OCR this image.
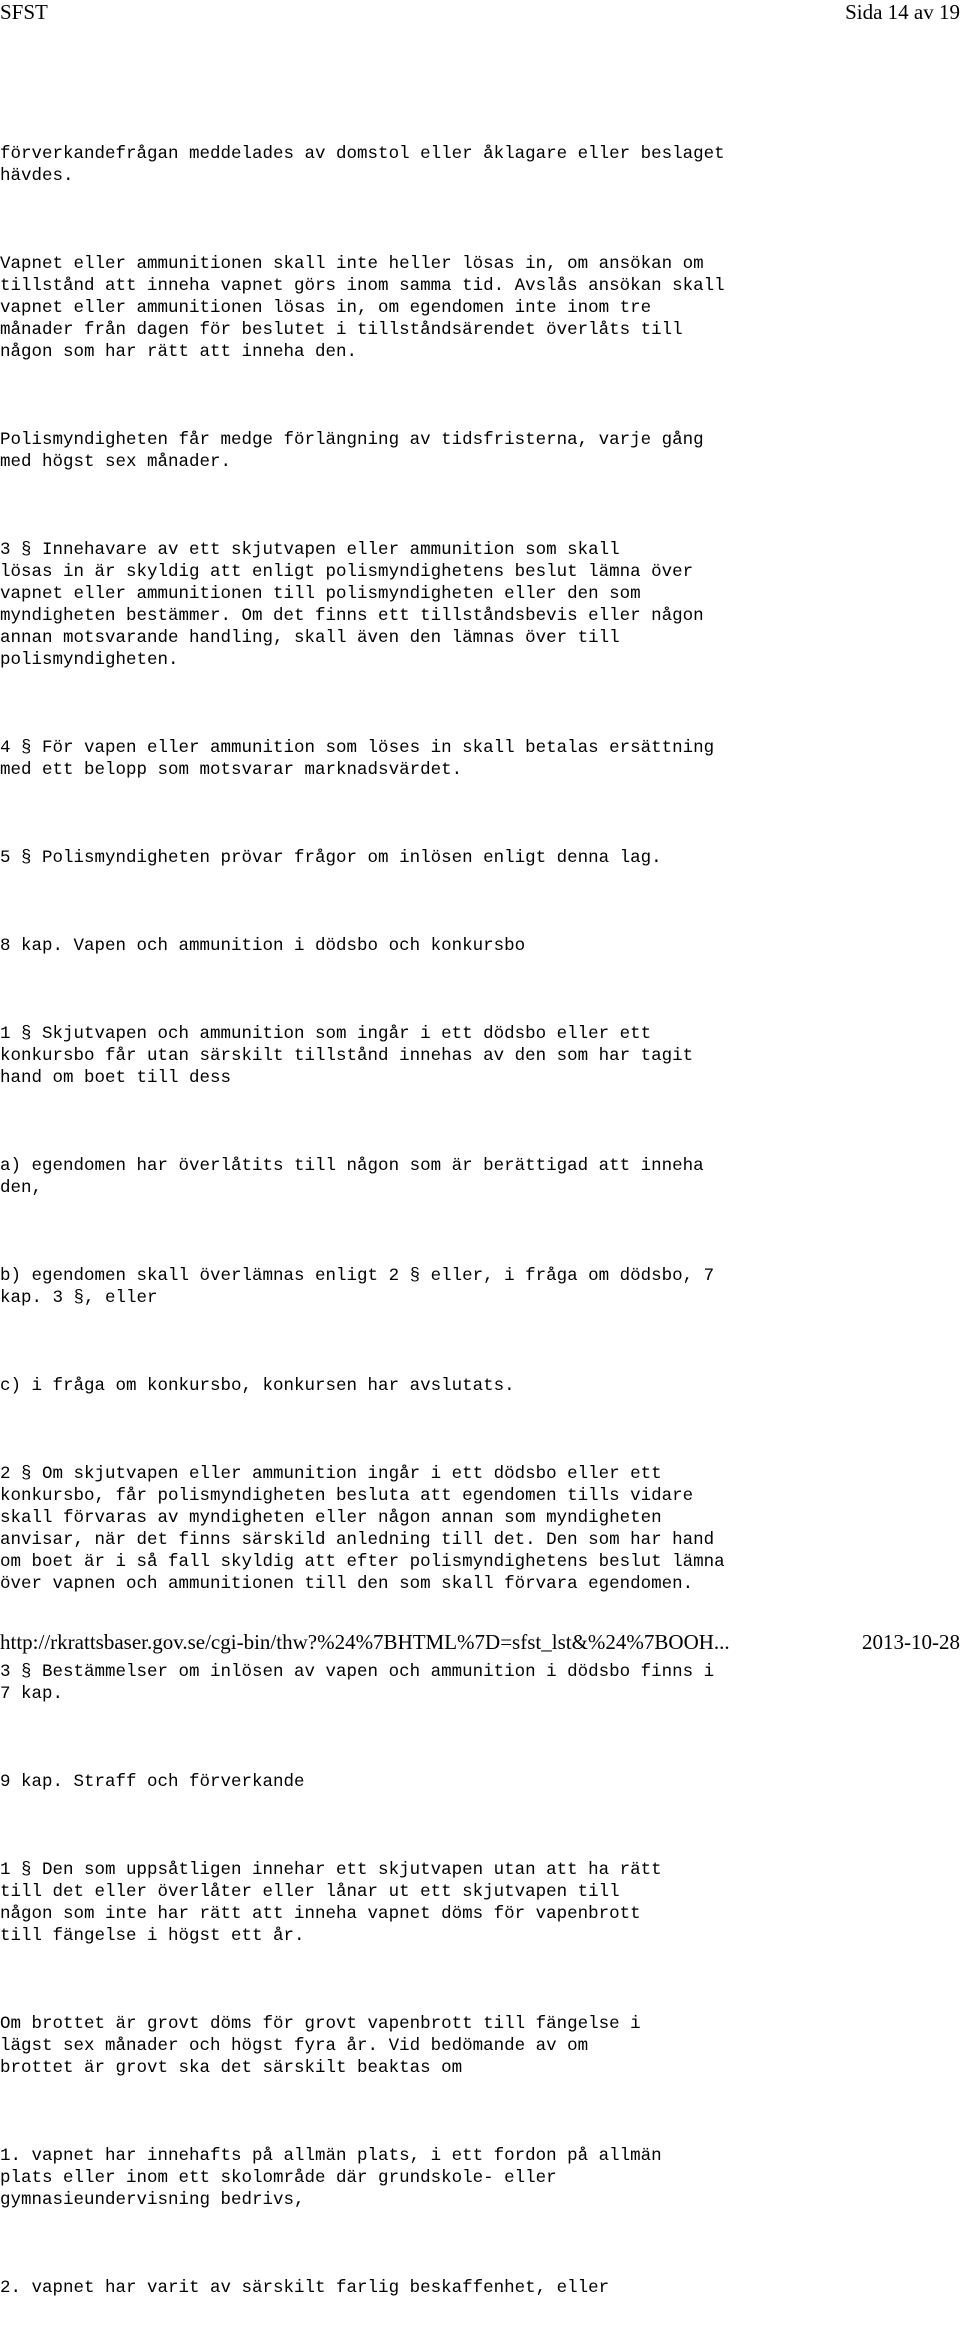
SFST	Sida 14 av 19

förverkandefrågan meddelades av domstol eller åklagare eller beslaget
hävdes.

Vapnet eller ammunitionen skall inte heller lösas in, om ansökan om
tillstånd att inneha vapnet görs inom samma tid. Avslås ansökan skall
vapnet eller ammunitionen lösas in, om egendomen inte inom tre
månader från dagen för beslutet i tillståndsärendet överlåts till
någon som har rätt att inneha den.

Polismyndigheten får medge förlängning av tidsfristerna, varje gång
med högst sex månader.

3 § Innehavare av ett skjutvapen eller ammunition som skall
lösas in är skyldig att enligt polismyndighetens beslut lämna över
vapnet eller ammunitionen till polismyndigheten eller den som
myndigheten bestämmer. Om det finns ett tillståndsbevis eller någon
annan motsvarande handling, skall även den lämnas över till
polismyndigheten.

4 § För vapen eller ammunition som löses in skall betalas ersättning
med ett belopp som motsvarar marknadsvärdet.

5 § Polismyndigheten prövar frågor om inlösen enligt denna lag.

8 kap. Vapen och ammunition i dödsbo och konkursbo

1 § Skjutvapen och ammunition som ingår i ett dödsbo eller ett
konkursbo får utan särskilt tillstånd innehas av den som har tagit
hand om boet till dess

a) egendomen har överlåtits till någon som är berättigad att inneha
den,

b) egendomen skall överlämnas enligt 2 § eller, i fråga om dödsbo, 7
kap. 3 §, eller

c) i fråga om konkursbo, konkursen har avslutats.

2 § Om skjutvapen eller ammunition ingår i ett dödsbo eller ett
konkursbo, får polismyndigheten besluta att egendomen tills vidare
skall förvaras av myndigheten eller någon annan som myndigheten
anvisar, när det finns särskild anledning till det. Den som har hand
om boet är i så fall skyldig att efter polismyndighetens beslut lämna
över vapnen och ammunitionen till den som skall förvara egendomen.

3 § Bestämmelser om inlösen av vapen och ammunition i dödsbo finns i
7 kap.

9 kap. Straff och förverkande

1 § Den som uppsåtligen innehar ett skjutvapen utan att ha rätt
till det eller överlåter eller lånar ut ett skjutvapen till
någon som inte har rätt att inneha vapnet döms för vapenbrott
till fängelse i högst ett år.

Om brottet är grovt döms för grovt vapenbrott till fängelse i
lägst sex månader och högst fyra år. Vid bedömande av om
brottet är grovt ska det särskilt beaktas om

1. vapnet har innehafts på allmän plats, i ett fordon på allmän
plats eller inom ett skolområde där grundskole- eller
gymnasieundervisning bedrivs,

2. vapnet har varit av särskilt farlig beskaffenhet, eller

http://rkrattsbaser.gov.se/cgi-bin/thw?%24%7BHTML%7D=sfst_lst&%24%7BOOH...	2013-10-28
